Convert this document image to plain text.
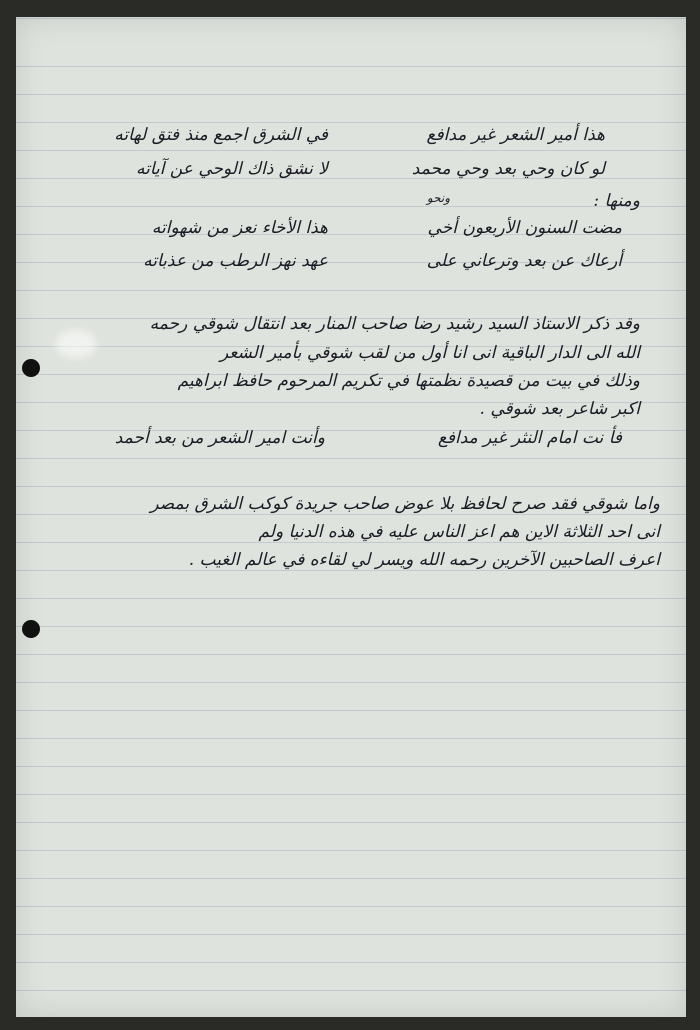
هذا أمير الشعر غير مدافع
في الشرق اجمع منذ فتق لهاته
لو كان وحي بعد وحي محمد
لا نشق ذاك الوحي عن آياته
ومنها :
ونحو
مضت السنون الأربعون أخي
هذا الأخاء نعز من شهواته
أرعاك عن بعد وترعاني على
عهد نهز الرطب من عذباته
وقد ذكر الاستاذ السيد رشيد رضا صاحب المنار بعد انتقال شوقي رحمه
الله الى الدار الباقية انى انا أول من لقب شوقي بأمير الشعر
وذلك في بيت من قصيدة نظمتها في تكريم المرحوم حافظ ابراهيم
اكبر شاعر بعد شوقي .
فأ نت امام النثر غير مدافع
وأنت امير الشعر من بعد أحمد
واما شوقي فقد صرح لحافظ بلا عوض صاحب جريدة كوكب الشرق بمصر
انى احد الثلاثة الاين هم اعز الناس عليه في هذه الدنيا ولم
اعرف الصاحبين الآخرين رحمه الله ويسر لي لقاءه في عالم الغيب .
